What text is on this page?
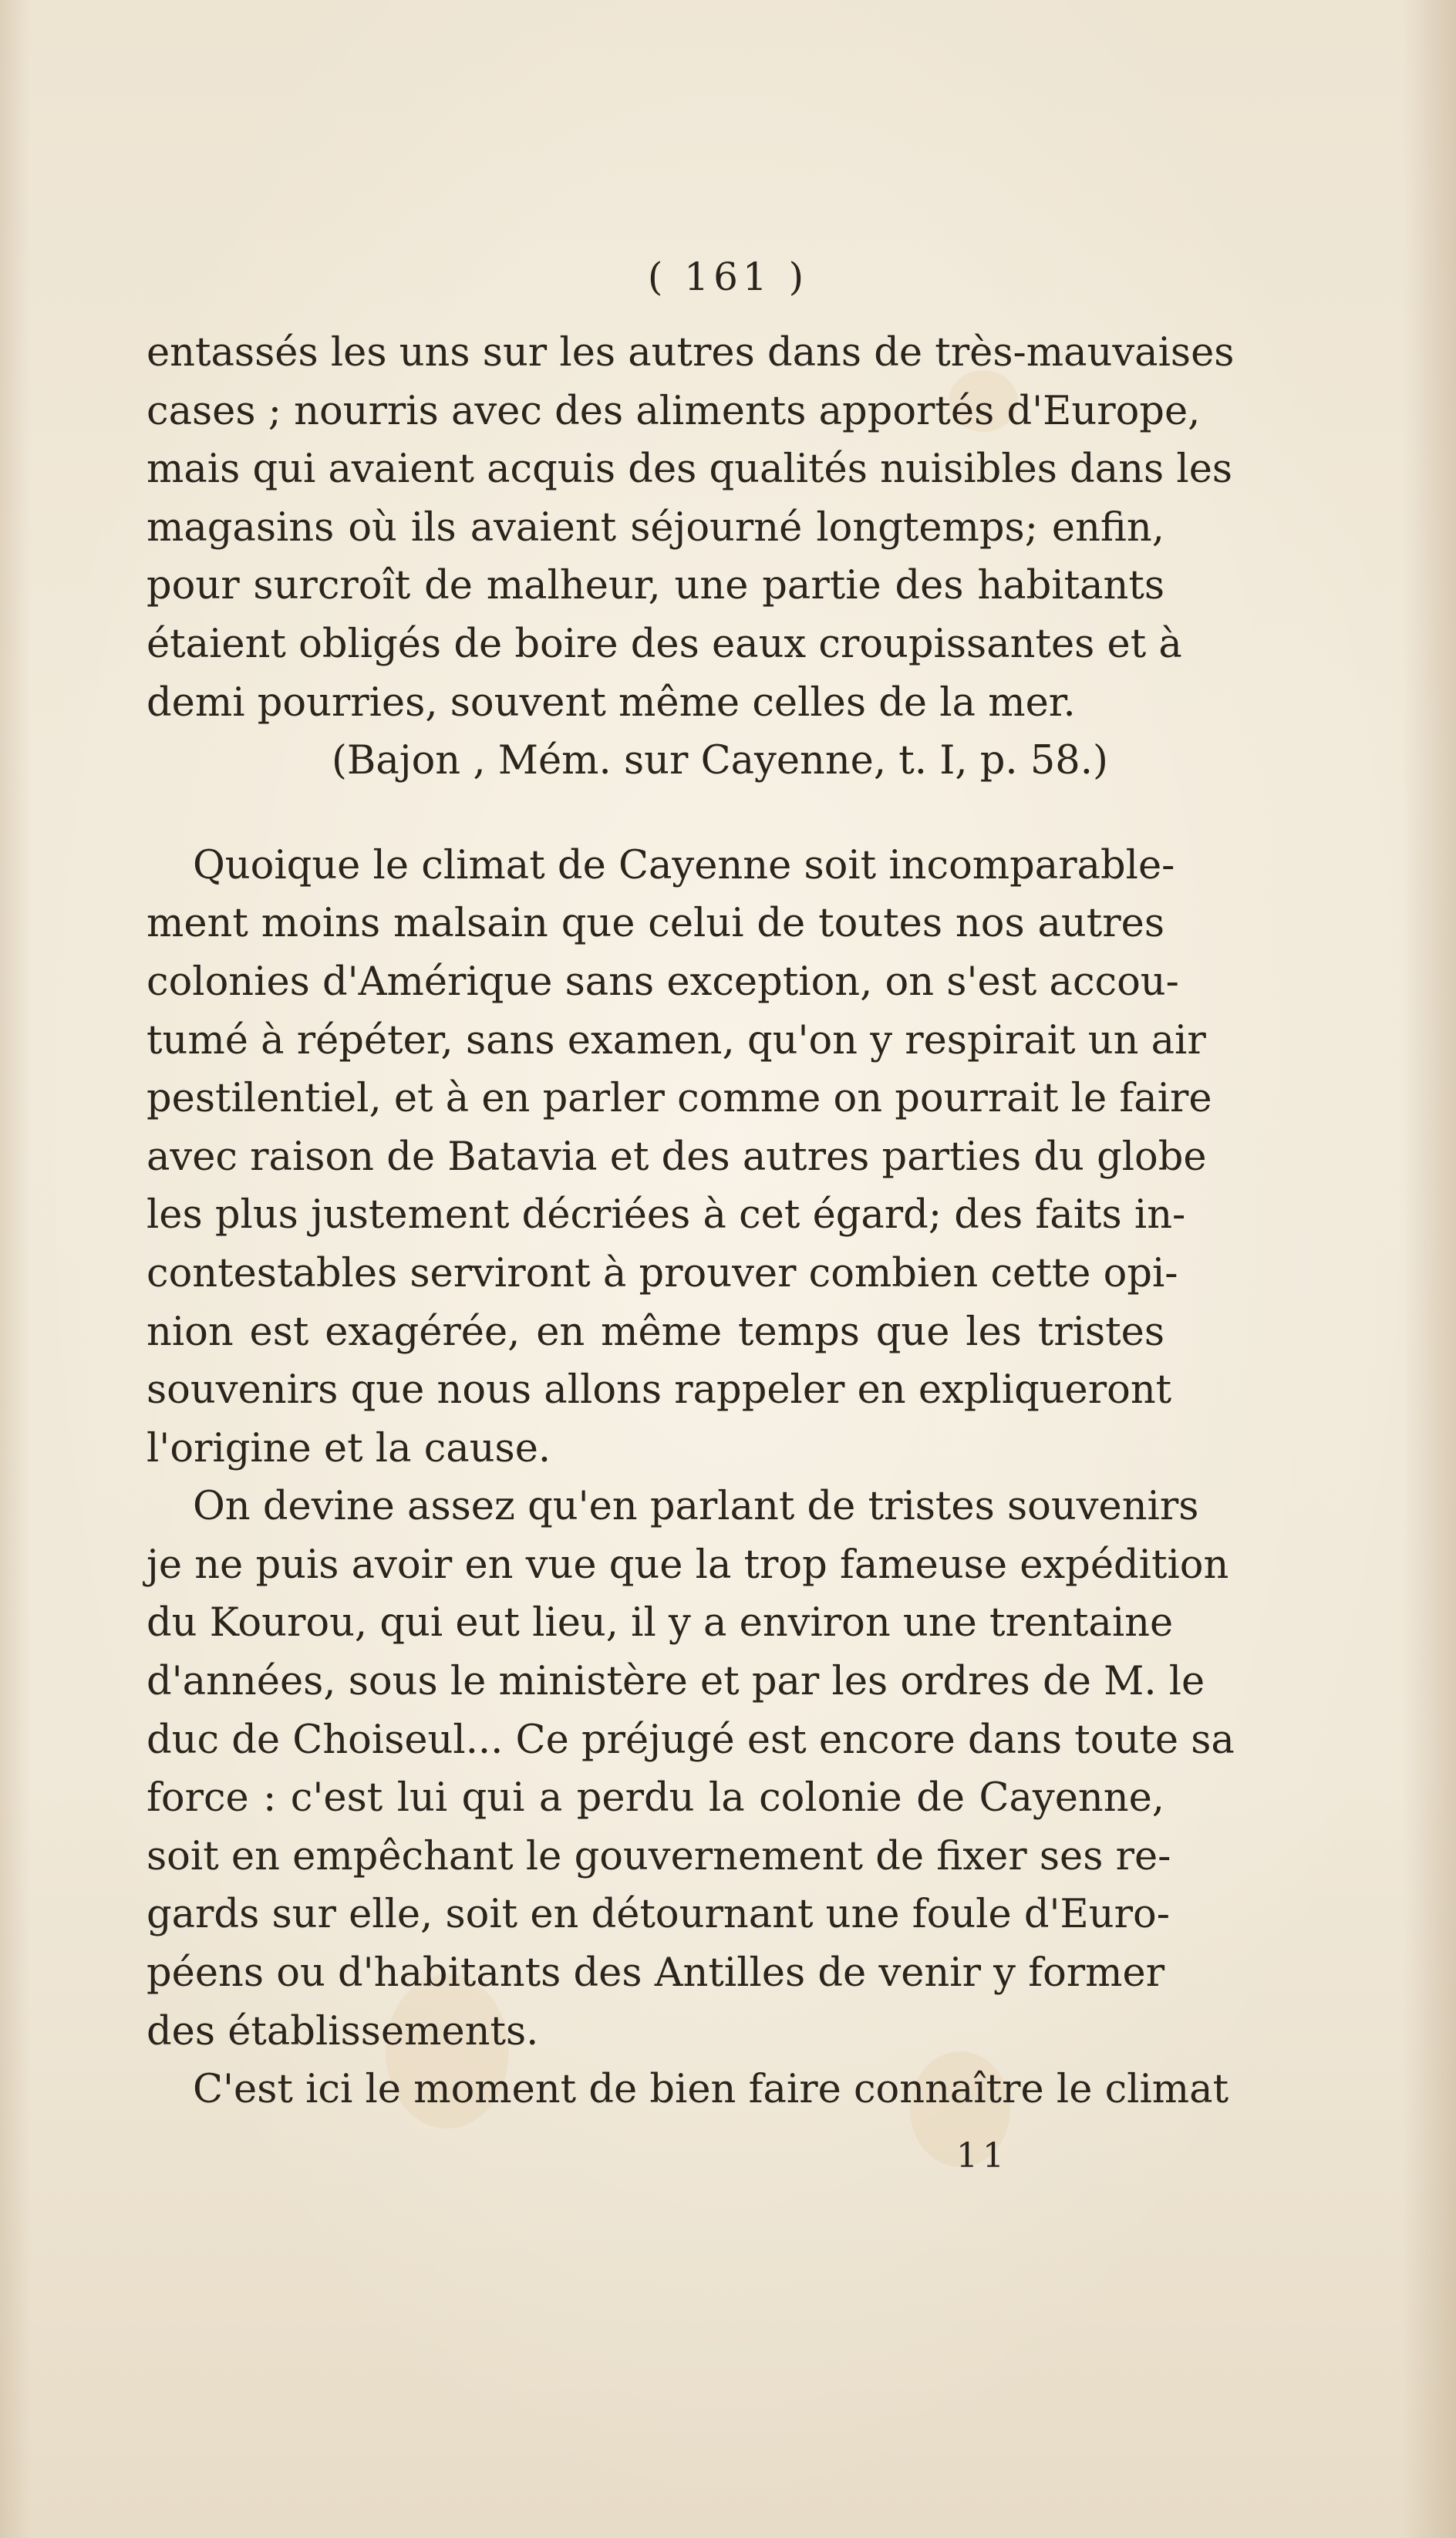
( 161 )
entassés les uns sur les autres dans de très-mauvaises
cases ; nourris avec des aliments apportés d'Europe,
mais qui avaient acquis des qualités nuisibles dans les
magasins où ils avaient séjourné longtemps; enfin,
pour surcroît de malheur, une partie des habitants
étaient obligés de boire des eaux croupissantes et à
demi pourries, souvent même celles de la mer.
(Bajon , Mém. sur Cayenne, t. I, p. 58.)
Quoique le climat de Cayenne soit incomparable-
ment moins malsain que celui de toutes nos autres
colonies d'Amérique sans exception, on s'est accou-
tumé à répéter, sans examen, qu'on y respirait un air
pestilentiel, et à en parler comme on pourrait le faire
avec raison de Batavia et des autres parties du globe
les plus justement décriées à cet égard; des faits in-
contestables serviront à prouver combien cette opi-
nion est exagérée, en même temps que les tristes
souvenirs que nous allons rappeler en expliqueront
l'origine et la cause.
On devine assez qu'en parlant de tristes souvenirs
je ne puis avoir en vue que la trop fameuse expédition
du Kourou, qui eut lieu, il y a environ une trentaine
d'années, sous le ministère et par les ordres de M. le
duc de Choiseul... Ce préjugé est encore dans toute sa
force : c'est lui qui a perdu la colonie de Cayenne,
soit en empêchant le gouvernement de fixer ses re-
gards sur elle, soit en détournant une foule d'Euro-
péens ou d'habitants des Antilles de venir y former
des établissements.
C'est ici le moment de bien faire connaître le climat
11
